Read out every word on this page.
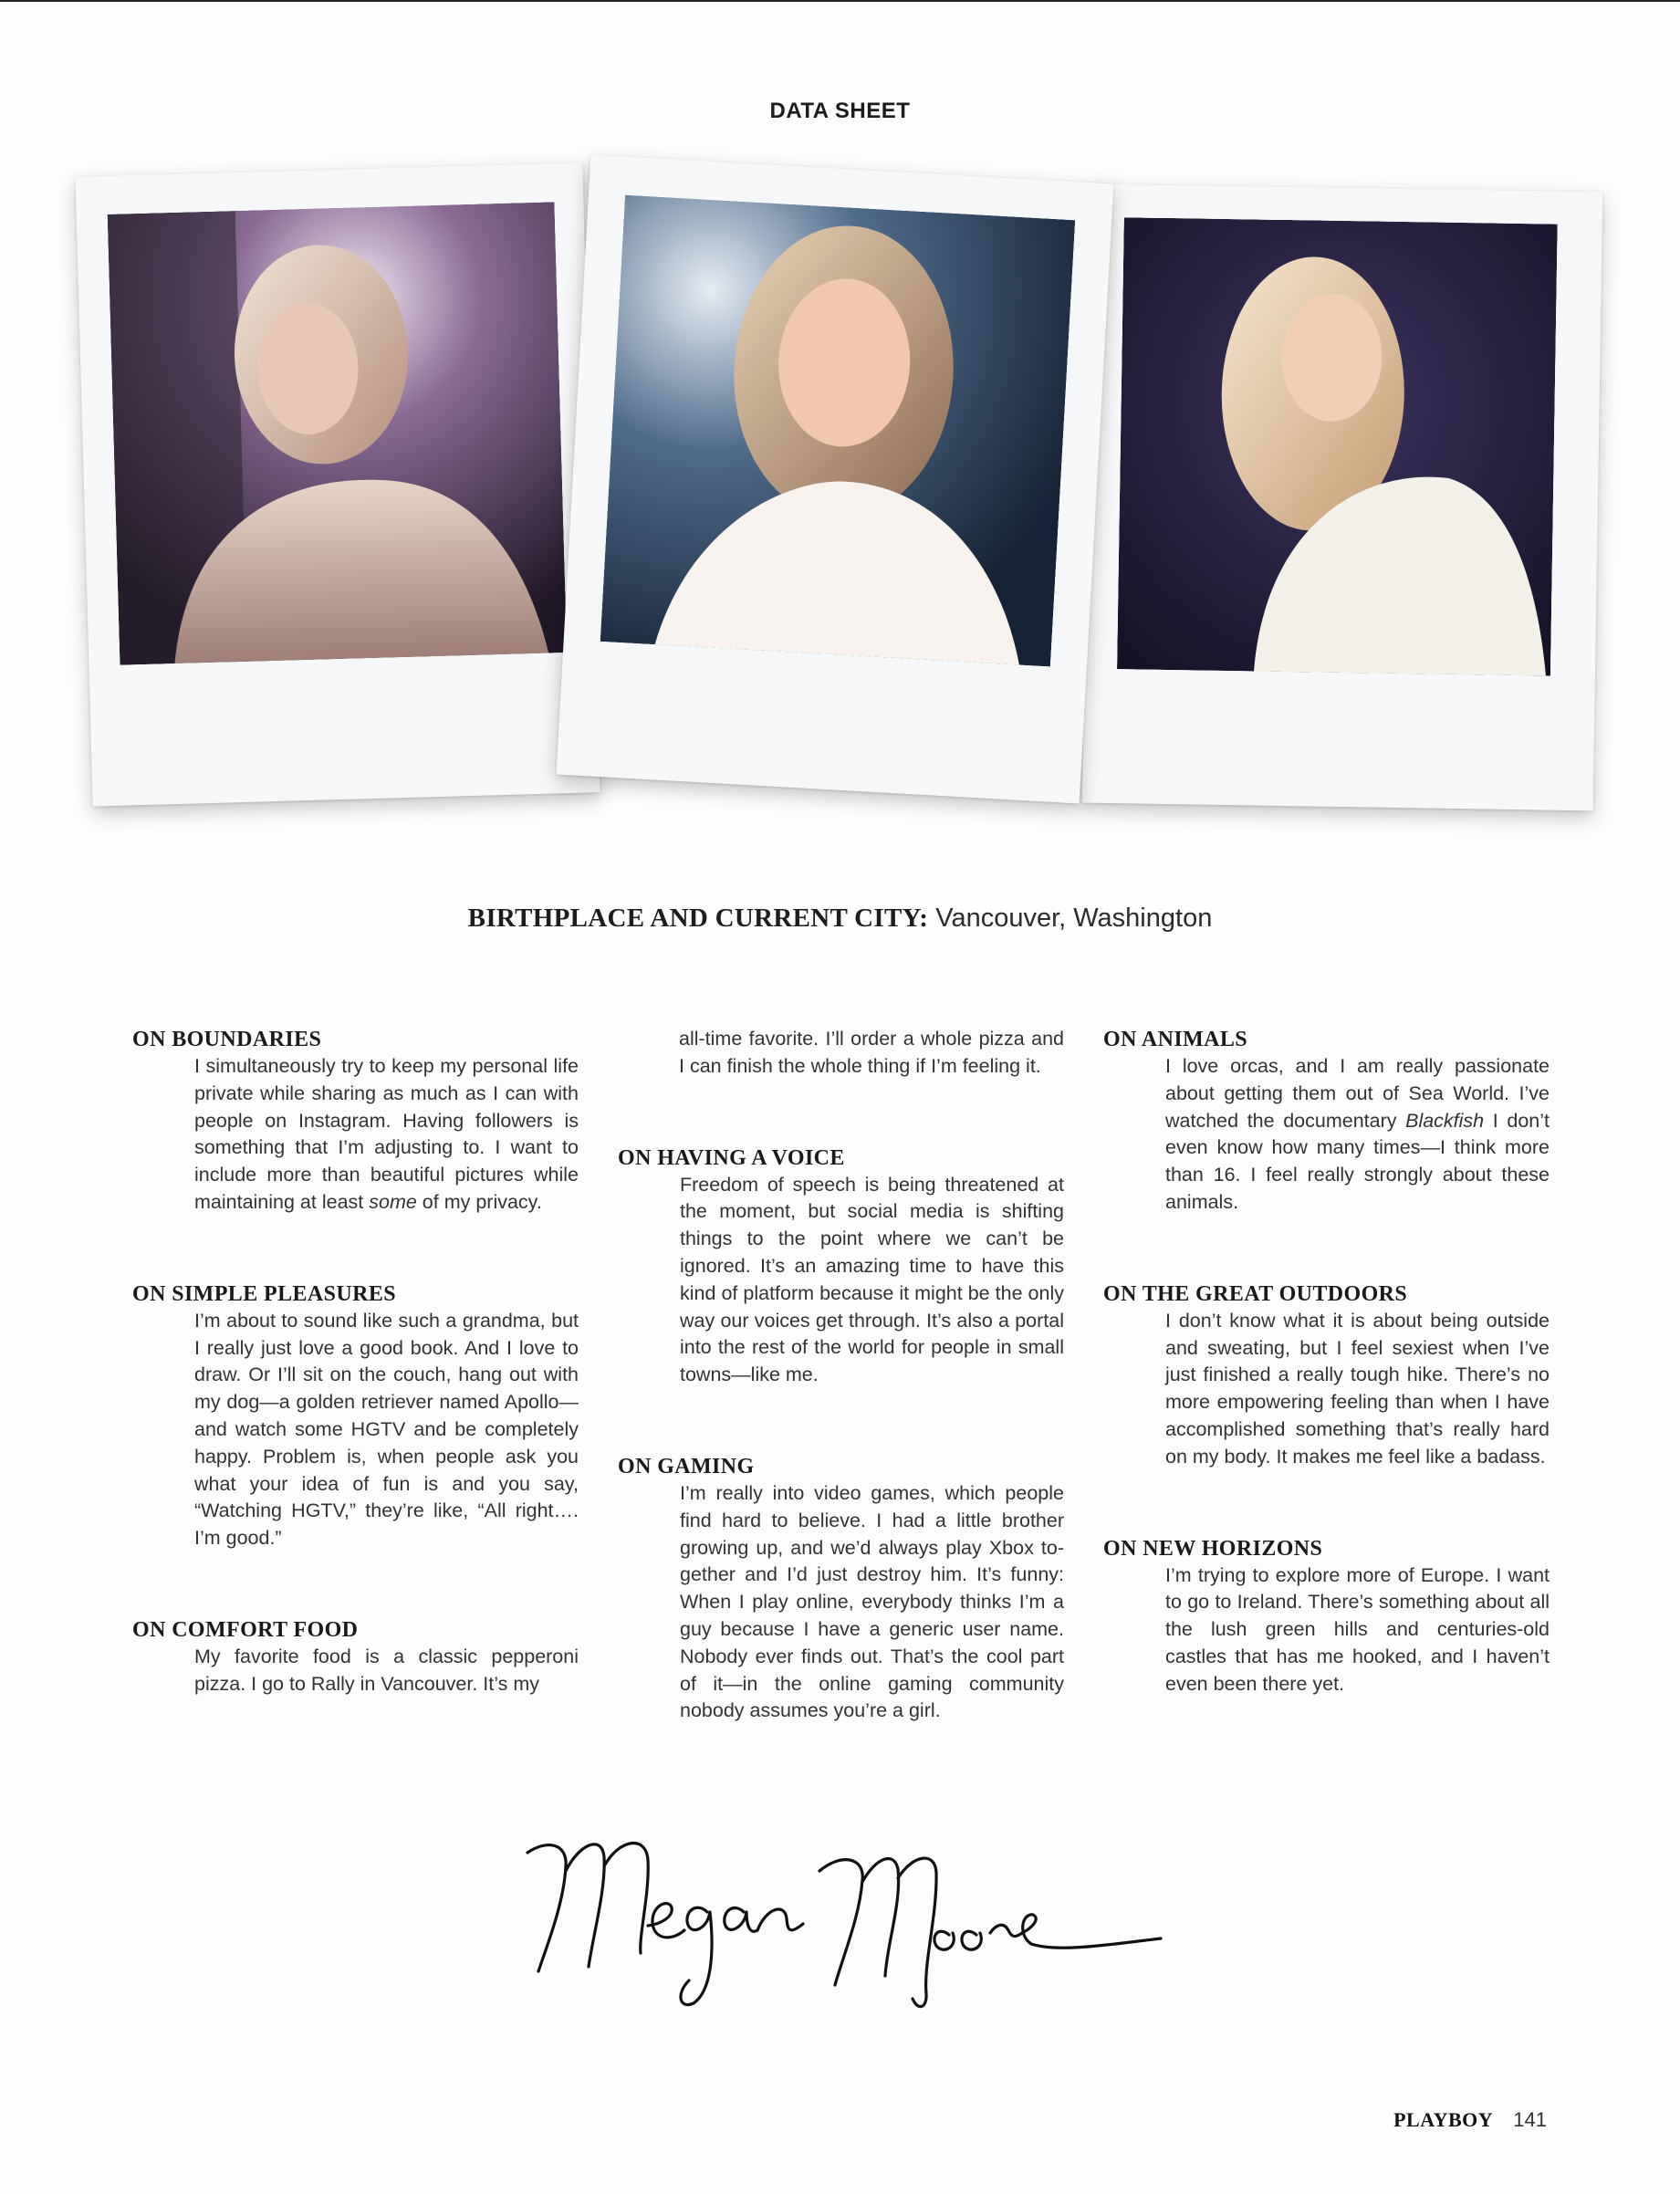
DATA SHEET
BIRTHPLACE AND CURRENT CITY: Vancouver, Washington
ON BOUNDARIES
I simultaneously try to keep my personal life private while sharing as much as I can with people on Instagram. Having followers is something that I’m adjusting to. I want to include more than beautiful pictures while maintaining at least some of my privacy.
ON SIMPLE PLEASURES
I’m about to sound like such a grandma, but I really just love a good book. And I love to draw. Or I’ll sit on the couch, hang out with my dog—a golden retriever named Apollo—and watch some HGTV and be completely happy. Problem is, when people ask you what your idea of fun is and you say, “Watching HGTV,” they’re like, “All right…. I’m good.”
ON COMFORT FOOD
My favorite food is a classic pepperoni pizza. I go to Rally in Vancouver. It’s my
all-time favorite. I’ll order a whole pizza and I can finish the whole thing if I’m feeling it.
ON HAVING A VOICE
Freedom of speech is being threatened at the moment, but social media is shifting things to the point where we can’t be ignored. It’s an amazing time to have this kind of platform because it might be the only way our voices get through. It’s also a portal into the rest of the world for people in small towns—like me.
ON GAMING
I’m really into video games, which people find hard to believe. I had a little brother growing up, and we’d always play Xbox together and I’d just destroy him. It’s funny: When I play online, everybody thinks I’m a guy because I have a generic user name. Nobody ever finds out. That’s the cool part of it—in the online gaming community nobody assumes you’re a girl.
ON ANIMALS
I love orcas, and I am really passionate about getting them out of Sea World. I’ve watched the documentary Blackfish I don’t even know how many times—I think more than 16. I feel really strongly about these animals.
ON THE GREAT OUTDOORS
I don’t know what it is about being outside and sweating, but I feel sexiest when I’ve just finished a really tough hike. There’s no more empowering feeling than when I have accomplished something that’s really hard on my body. It makes me feel like a badass.
ON NEW HORIZONS
I’m trying to explore more of Europe. I want to go to Ireland. There’s something about all the lush green hills and centuries-old castles that has me hooked, and I haven’t even been there yet.
PLAYBOY 141
